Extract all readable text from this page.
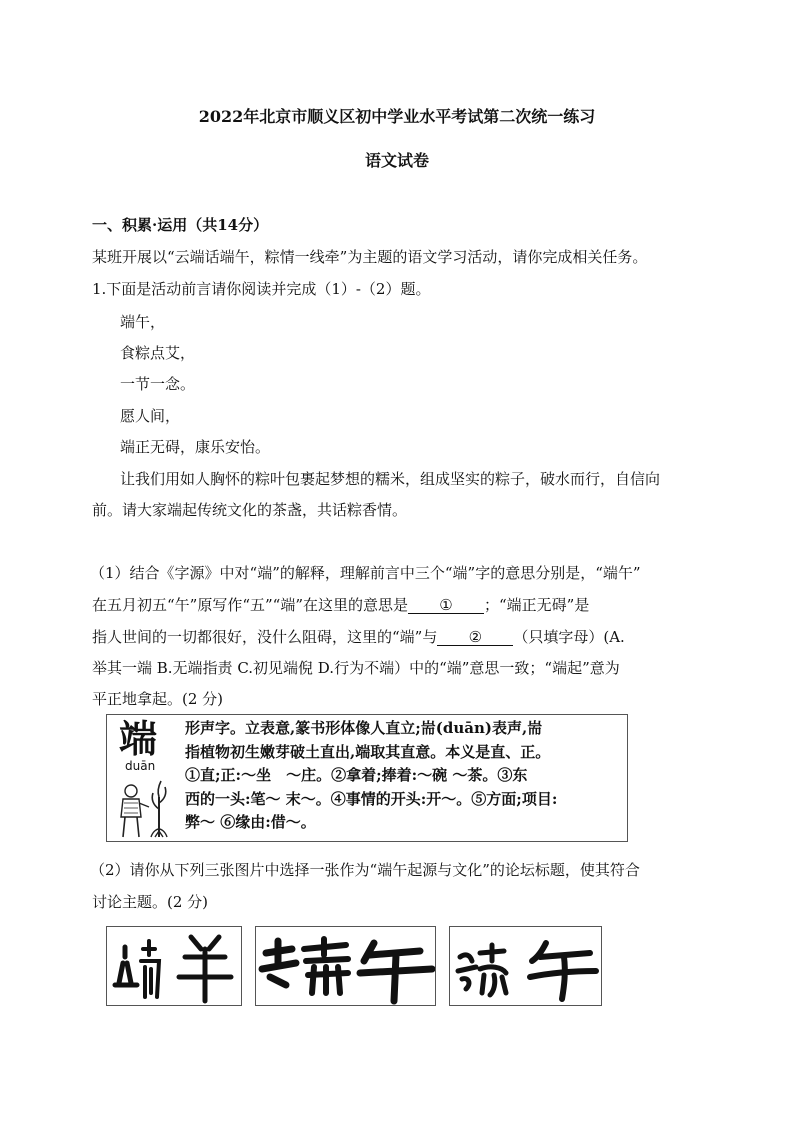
2022年北京市顺义区初中学业水平考试第二次统一练习
语文试卷
一、积累·运用（共14分）
某班开展以“云端话端午，粽情一线牵”为主题的语文学习活动，请你完成相关任务。
1.下面是活动前言请你阅读并完成（1）-（2）题。
端午，
食粽点艾，
一节一念。
愿人间，
端正无碍，康乐安怡。
让我们用如人胸怀的粽叶包裹起梦想的糯米，组成坚实的粽子，破水而行，自信向
前。请大家端起传统文化的茶盏，共话粽香情。
（1）结合《字源》中对“端”的解释，理解前言中三个“端”字的意思分别是，“端午”
在五月初五“午”原写作“五”“端”在这里的意思是 ① ；“端正无碍”是
指人世间的一切都很好，没什么阻碍，这里的“端”与 ② （只填字母）(A.
举其一端 B.无端指责 C.初见端倪 D.行为不端）中的“端”意思一致；“端起”意为
平正地拿起。(2 分)
端
duān
形声字。立表意,篆书形体像人直立;耑(duān)表声,耑
指植物初生嫩芽破土直出,端取其直意。本义是直、正。
①直;正:～坐　～庄。②拿着;捧着:～碗 ～茶。③东
西的一头:笔～ 末～。④事情的开头:开～。⑤方面;项目:
弊～ ⑥缘由:借～。
（2）请你从下列三张图片中选择一张作为“端午起源与文化”的论坛标题，使其符合
讨论主题。(2 分)
